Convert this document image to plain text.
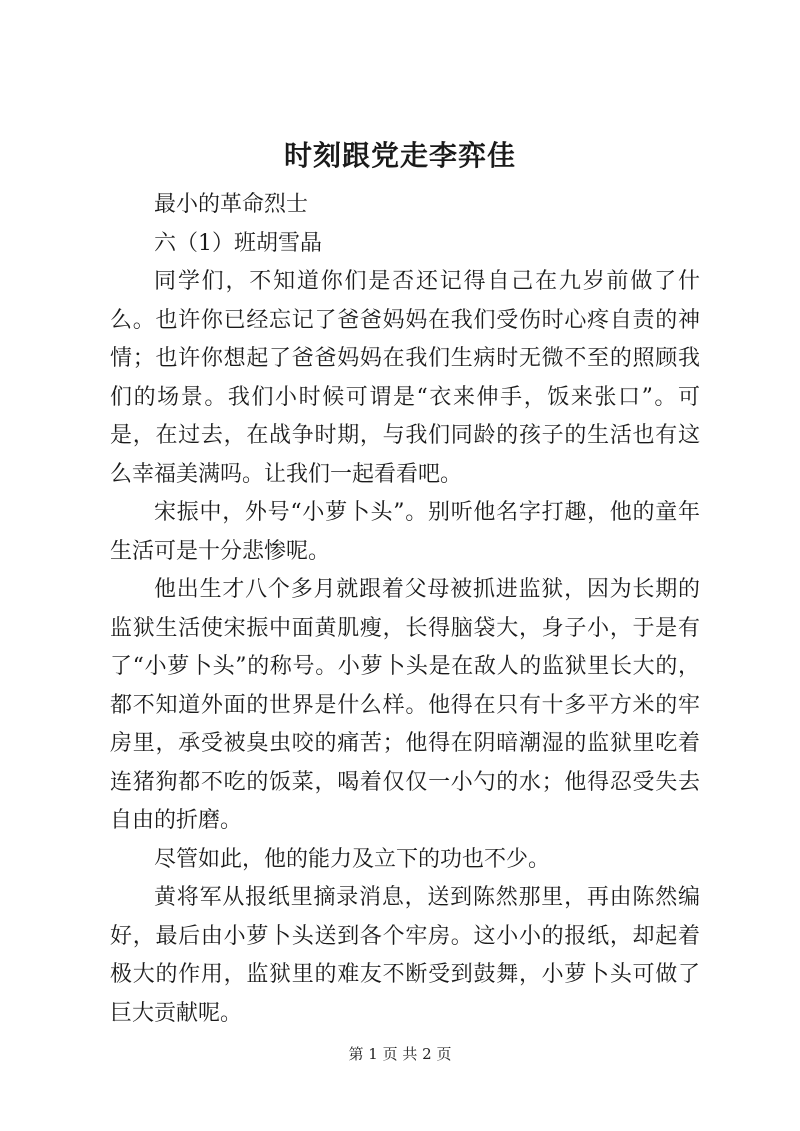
时刻跟党走李弈佳

最小的革命烈士

六（1）班胡雪晶

同学们，不知道你们是否还记得自己在九岁前做了什么。也许你已经忘记了爸爸妈妈在我们受伤时心疼自责的神情；也许你想起了爸爸妈妈在我们生病时无微不至的照顾我们的场景。我们小时候可谓是“衣来伸手，饭来张口”。可是，在过去，在战争时期，与我们同龄的孩子的生活也有这么幸福美满吗。让我们一起看看吧。

宋振中，外号“小萝卜头”。别听他名字打趣，他的童年生活可是十分悲惨呢。

他出生才八个多月就跟着父母被抓进监狱，因为长期的监狱生活使宋振中面黄肌瘦，长得脑袋大，身子小，于是有了“小萝卜头”的称号。小萝卜头是在敌人的监狱里长大的，都不知道外面的世界是什么样。他得在只有十多平方米的牢房里，承受被臭虫咬的痛苦；他得在阴暗潮湿的监狱里吃着连猪狗都不吃的饭菜，喝着仅仅一小勺的水；他得忍受失去自由的折磨。

尽管如此，他的能力及立下的功也不少。

黄将军从报纸里摘录消息，送到陈然那里，再由陈然编好，最后由小萝卜头送到各个牢房。这小小的报纸，却起着极大的作用，监狱里的难友不断受到鼓舞，小萝卜头可做了巨大贡献呢。

第 1 页 共 2 页
